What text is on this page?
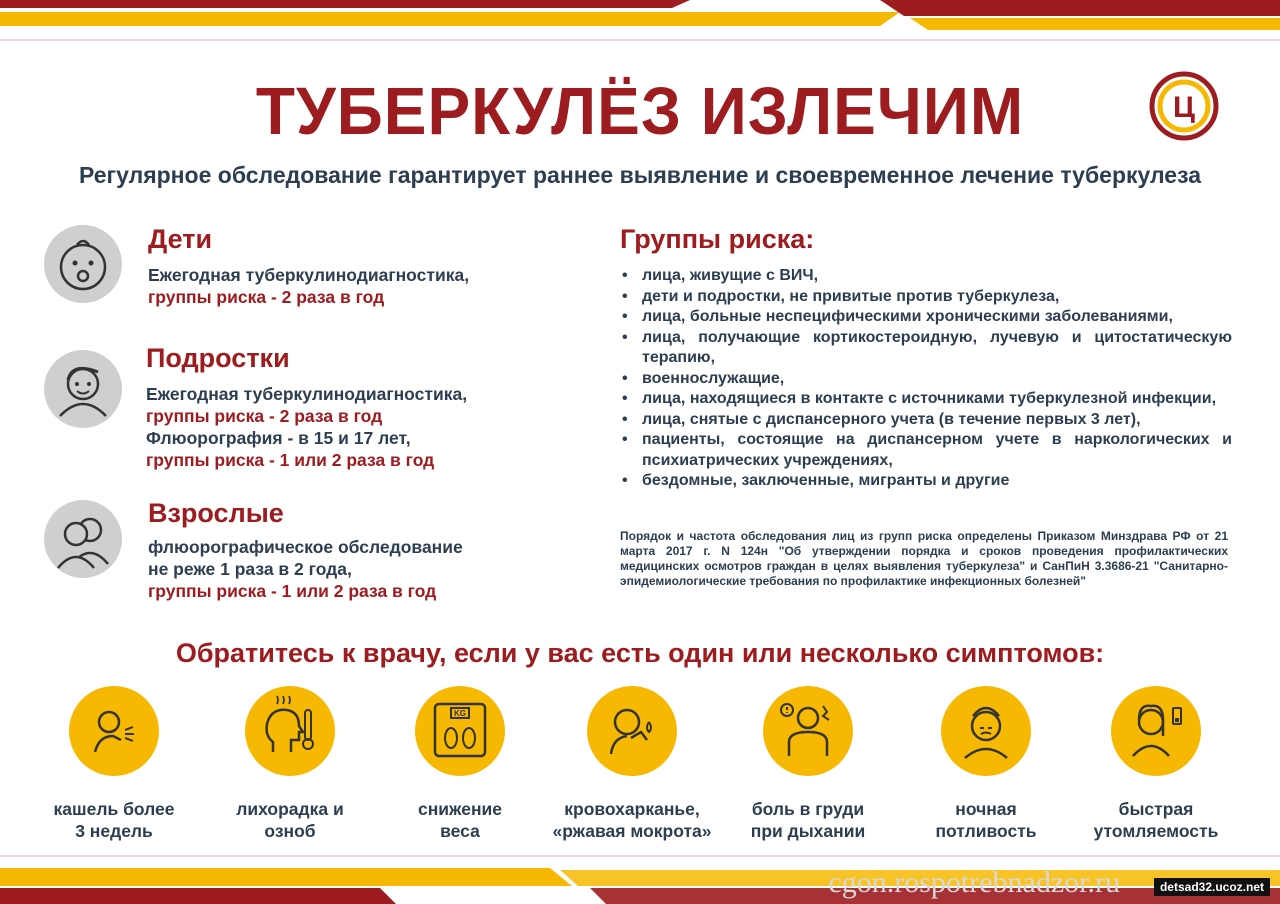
Ц
ТУБЕРКУЛЁЗ ИЗЛЕЧИМ
Регулярное обследование гарантирует раннее выявление и своевременное лечение туберкулеза
Дети
Ежегодная туберкулинодиагностика,
группы риска - 2 раза в год
Подростки
Ежегодная туберкулинодиагностика,
группы риска - 2 раза в год
Флюорография - в 15 и 17 лет,
группы риска - 1 или 2 раза в год
Взрослые
флюорографическое обследование
не реже 1 раза в 2 года,
группы риска - 1 или 2 раза в год
Группы риска:
• лица, живущие с ВИЧ,
• дети и подростки, не привитые против туберкулеза,
• лица, больные неспецифическими хроническими заболеваниями,
• лица, получающие кортикостероидную, лучевую и цитостатическую терапию,
• военнослужащие,
• лица, находящиеся в контакте с источниками туберкулезной инфекции,
• лица, снятые с диспансерного учета (в течение первых 3 лет),
• пациенты, состоящие на диспансерном учете в наркологических и психиатрических учреждениях,
• бездомные, заключенные, мигранты и другие
Порядок и частота обследования лиц из групп риска определены Приказом Минздрава РФ от 21 марта 2017 г. N 124н "Об утверждении порядка и сроков проведения профилактических медицинских осмотров граждан в целях выявления туберкулеза" и СанПиН 3.3686-21 "Санитарно-эпидемиологические требования по профилактике инфекционных болезней"
Обратитесь к врачу, если у вас есть один или несколько симптомов:
кашель более
3 недель
лихорадка и
озноб
KG
снижение
веса
кровохарканье,
«ржавая мокрота»
боль в груди
при дыхании
ночная
потливость
быстрая
утомляемость
cgon.rospotrebnadzor.ru	detsad32.ucoz.net
